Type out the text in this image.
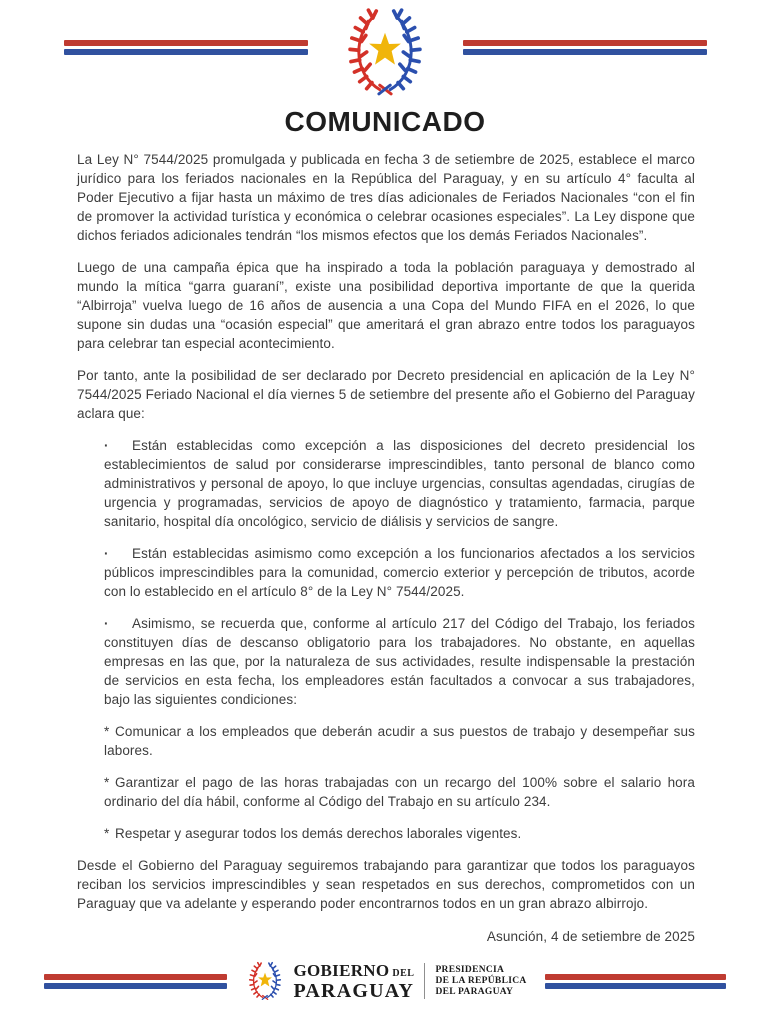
COMUNICADO

La Ley N° 7544/2025 promulgada y publicada en fecha 3 de setiembre de 2025, establece el marco jurídico para los feriados nacionales en la República del Paraguay, y en su artículo 4° faculta al Poder Ejecutivo a fijar hasta un máximo de tres días adicionales de Feriados Nacionales “con el fin de promover la actividad turística y económica o celebrar ocasiones especiales”. La Ley dispone que dichos feriados adicionales tendrán “los mismos efectos que los demás Feriados Nacionales”.

Luego de una campaña épica que ha inspirado a toda la población paraguaya y demostrado al mundo la mítica “garra guaraní”, existe una posibilidad deportiva importante de que la querida “Albirroja” vuelva luego de 16 años de ausencia a una Copa del Mundo FIFA en el 2026, lo que supone sin dudas una “ocasión especial” que ameritará el gran abrazo entre todos los paraguayos para celebrar tan especial acontecimiento.

Por tanto, ante la posibilidad de ser declarado por Decreto presidencial en aplicación de la Ley N° 7544/2025 Feriado Nacional el día viernes 5 de setiembre del presente año el Gobierno del Paraguay aclara que:

· Están establecidas como excepción a las disposiciones del decreto presidencial los establecimientos de salud por considerarse imprescindibles, tanto personal de blanco como administrativos y personal de apoyo, lo que incluye urgencias, consultas agendadas, cirugías de urgencia y programadas, servicios de apoyo de diagnóstico y tratamiento, farmacia, parque sanitario, hospital día oncológico, servicio de diálisis y servicios de sangre.

· Están establecidas asimismo como excepción a los funcionarios afectados a los servicios públicos imprescindibles para la comunidad, comercio exterior y percepción de tributos, acorde con lo establecido en el artículo 8° de la Ley N° 7544/2025.

· Asimismo, se recuerda que, conforme al artículo 217 del Código del Trabajo, los feriados constituyen días de descanso obligatorio para los trabajadores. No obstante, en aquellas empresas en las que, por la naturaleza de sus actividades, resulte indispensable la prestación de servicios en esta fecha, los empleadores están facultados a convocar a sus trabajadores, bajo las siguientes condiciones:

* Comunicar a los empleados que deberán acudir a sus puestos de trabajo y desempeñar sus labores.

* Garantizar el pago de las horas trabajadas con un recargo del 100% sobre el salario hora ordinario del día hábil, conforme al Código del Trabajo en su artículo 234.

* Respetar y asegurar todos los demás derechos laborales vigentes.

Desde el Gobierno del Paraguay seguiremos trabajando para garantizar que todos los paraguayos reciban los servicios imprescindibles y sean respetados en sus derechos, comprometidos con un Paraguay que va adelante y esperando poder encontrarnos todos en un gran abrazo albirrojo.

Asunción, 4 de setiembre de 2025
GOBIERNO DEL
PARAGUAY
PRESIDENCIA
DE LA REPÚBLICA
DEL PARAGUAY
